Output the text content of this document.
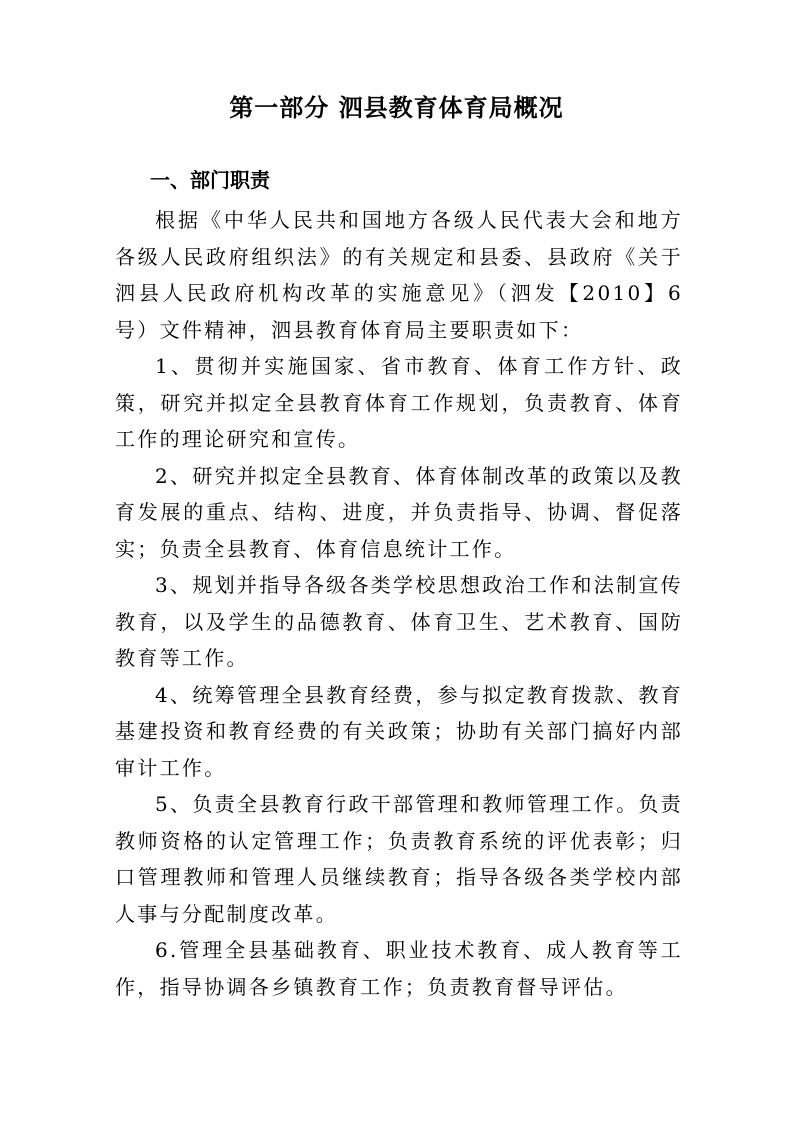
第一部分 泗县教育体育局概况
一、部门职责

根据《中华人民共和国地方各级人民代表大会和地方各级人民政府组织法》的有关规定和县委、县政府《关于泗县人民政府机构改革的实施意见》（泗发【2010】6号）文件精神，泗县教育体育局主要职责如下：

1、贯彻并实施国家、省市教育、体育工作方针、政策，研究并拟定全县教育体育工作规划，负责教育、体育工作的理论研究和宣传。

2、研究并拟定全县教育、体育体制改革的政策以及教育发展的重点、结构、进度，并负责指导、协调、督促落实；负责全县教育、体育信息统计工作。

3、规划并指导各级各类学校思想政治工作和法制宣传教育，以及学生的品德教育、体育卫生、艺术教育、国防教育等工作。

4、统筹管理全县教育经费，参与拟定教育拨款、教育基建投资和教育经费的有关政策；协助有关部门搞好内部审计工作。

5、负责全县教育行政干部管理和教师管理工作。负责教师资格的认定管理工作；负责教育系统的评优表彰；归口管理教师和管理人员继续教育；指导各级各类学校内部人事与分配制度改革。

6.管理全县基础教育、职业技术教育、成人教育等工作，指导协调各乡镇教育工作；负责教育督导评估。
